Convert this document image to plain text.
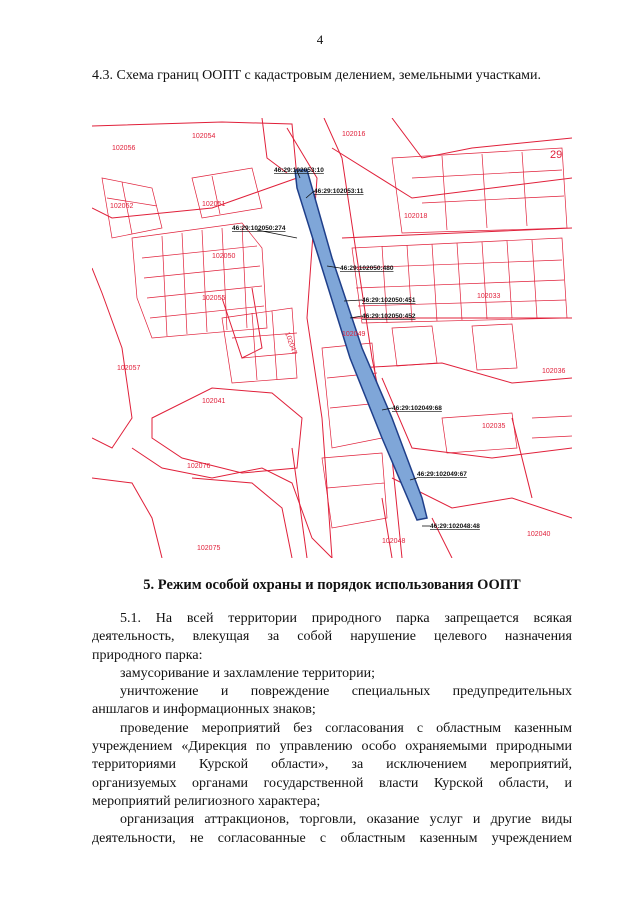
4
4.3. Схема границ ООПТ с кадастровым делением, земельными участками.
102056
102054	102016
102051
102018
102052
102050
102055	102033
102049
102057
102041
102047
102036
102035
102076
102075
102048
102040
29
46:29:102053:10
46:29:102053:11
46:29:102050:274
46:29:102050:480
46:29:102050:451
46:29:102050:452
46:29:102049:68
46:29:102049:67
46:29:102048:48
5. Режим особой охраны и порядок использования ООПТ

5.1. На всей территории природного парка запрещается всякая

деятельность, влекущая за собой нарушение целевого назначения

природного парка:

замусоривание и захламление территории;

уничтожение и повреждение специальных предупредительных

аншлагов и информационных знаков;

проведение мероприятий без согласования с областным казенным

учреждением «Дирекция по управлению особо охраняемыми природными

территориями Курской области», за исключением мероприятий,

организуемых органами государственной власти Курской области, и

мероприятий религиозного характера;

организация аттракционов, торговли, оказание услуг и другие виды

деятельности, не согласованные с областным казенным учреждением
